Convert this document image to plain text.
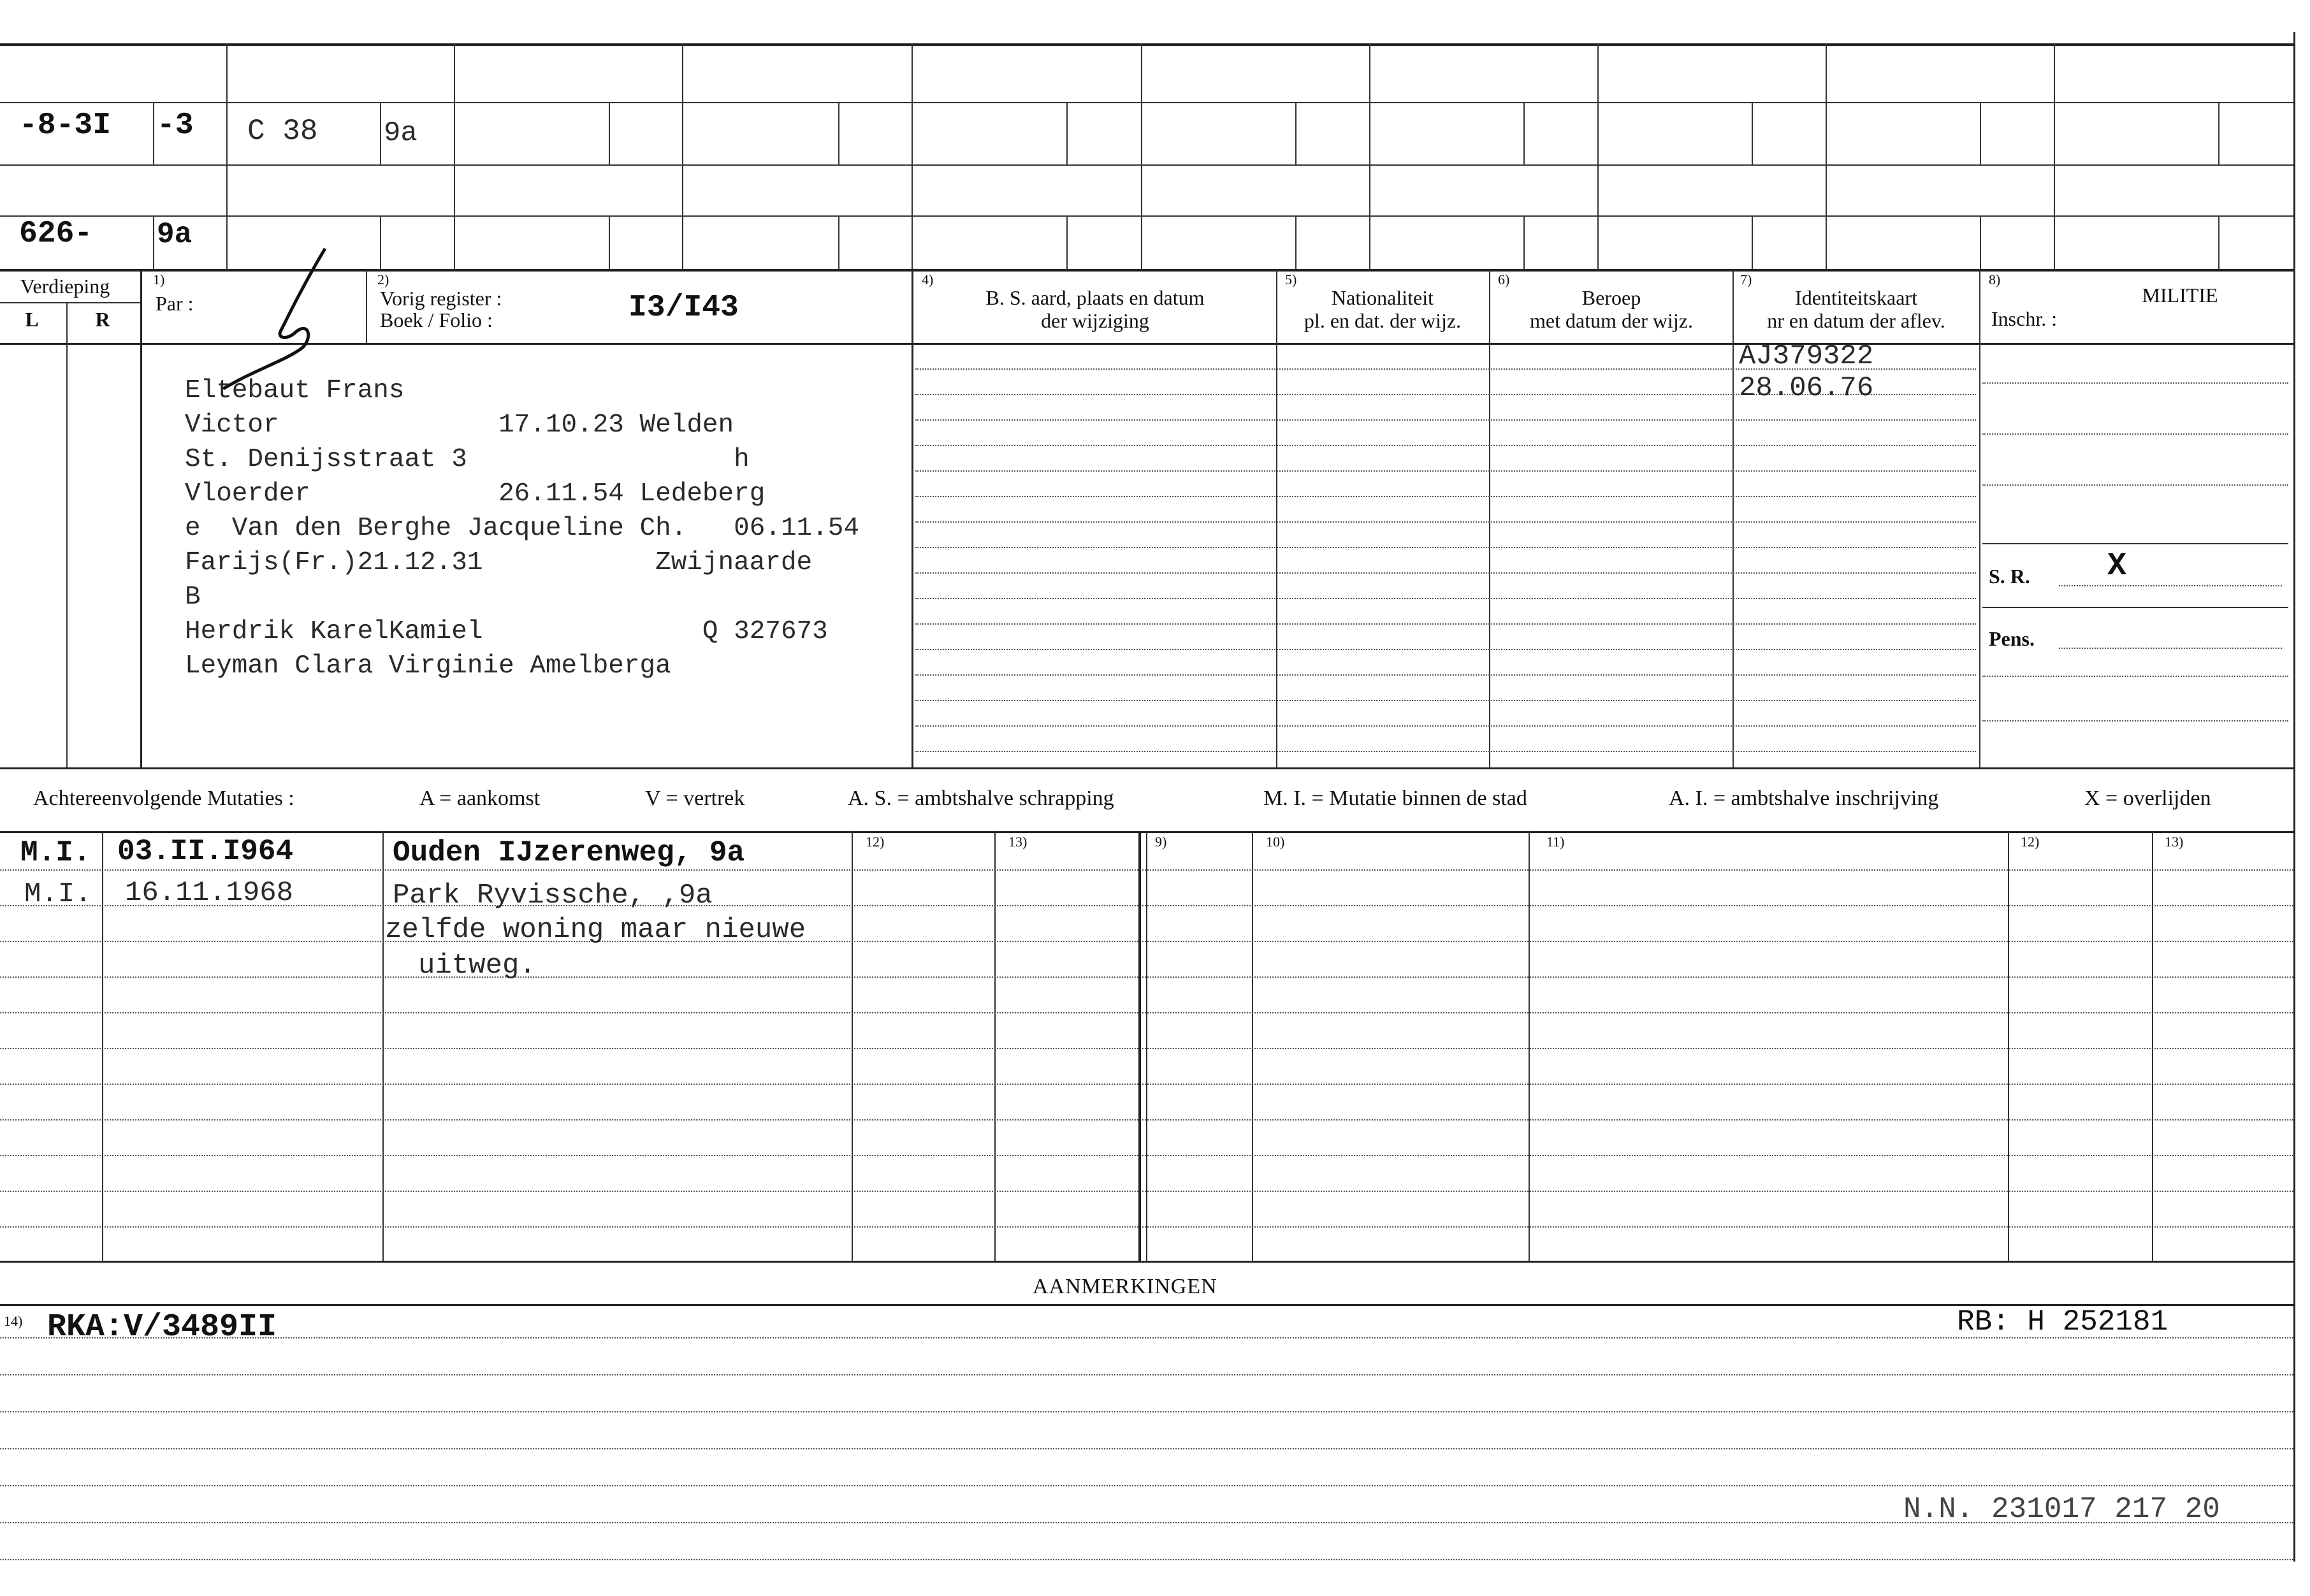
-8-3I -3 C 38 9a
626- 9a
Verdieping
L	R
1)
Par :
2)
Vorig register :
Boek / Folio :	I3/I43
4)
B. S. aard, plaats en datum
der wijziging
5)
Nationaliteit
pl. en dat. der wijz.
6)
Beroep
met datum der wijz.
7)
Identiteitskaart
nr en datum der aflev.
8)
MILITIE
Inschr. :
Eltebaut Frans
Victor              17.10.23 Welden
St. Denijsstraat 3                 h
Vloerder            26.11.54 Ledeberg
e  Van den Berghe Jacqueline Ch.   06.11.54
Farijs(Fr.)21.12.31           Zwijnaarde
B
Herdrik KarelKamiel              Q 327673
Leyman Clara Virginie Amelberga
AJ379322
28.06.76
S. R. X
Pens.
Achtereenvolgende Mutaties :	A = aankomst	V = vertrek	A. S. = ambtshalve schrapping	M. I. = Mutatie binnen de stad	A. I. = ambtshalve inschrijving	X = overlijden
12)	13)	9)	10)	11)	12)	13)
M.I. 03.II.I964	Ouden IJzerenweg, 9a
M.I. 16.11.1968	Park Ryvissche, ,9a
zelfde woning maar nieuwe
uitweg.
AANMERKINGEN
14) RKA:V/3489II	RB: H 252181
N.N. 231017 217 20
